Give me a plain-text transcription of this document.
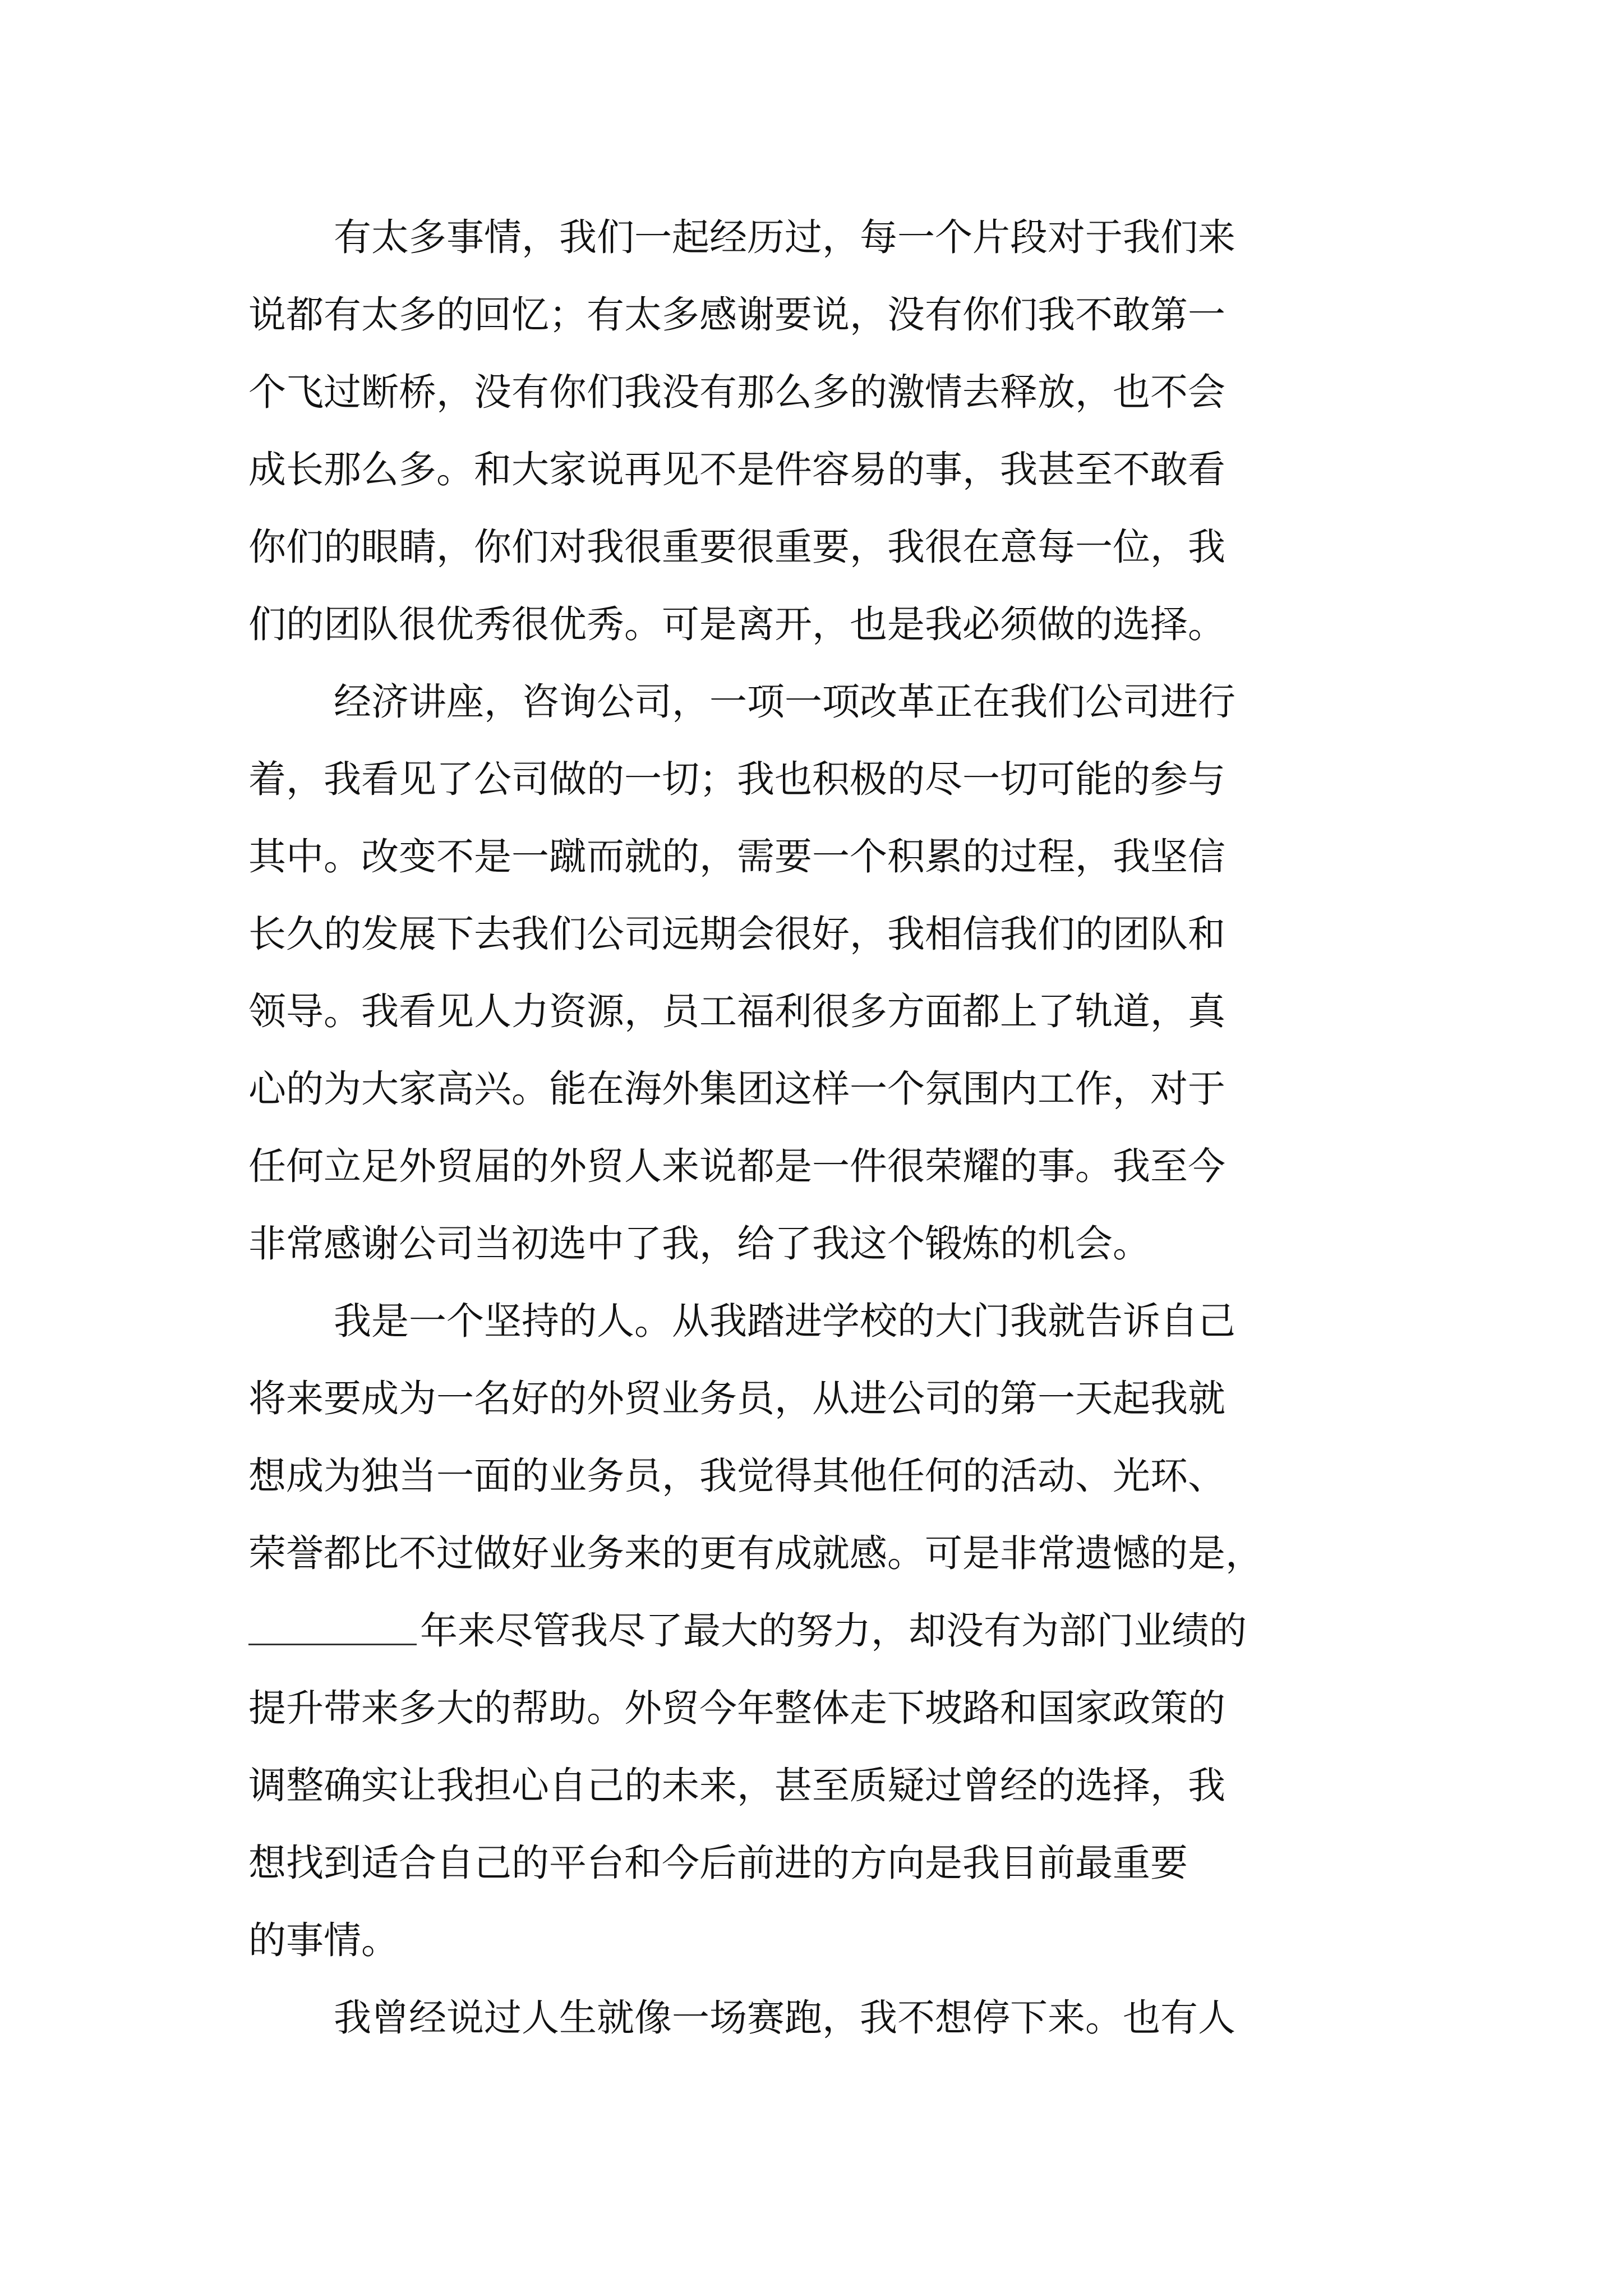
有太多事情，我们一起经历过，每一个片段对于我们来
说都有太多的回忆；有太多感谢要说，没有你们我不敢第一
个飞过断桥，没有你们我没有那么多的激情去释放，也不会
成长那么多。和大家说再见不是件容易的事，我甚至不敢看
你们的眼睛，你们对我很重要很重要，我很在意每一位，我
们的团队很优秀很优秀。可是离开，也是我必须做的选择。
经济讲座，咨询公司，一项一项改革正在我们公司进行
着，我看见了公司做的一切；我也积极的尽一切可能的参与
其中。改变不是一蹴而就的，需要一个积累的过程，我坚信
长久的发展下去我们公司远期会很好，我相信我们的团队和
领导。我看见人力资源，员工福利很多方面都上了轨道，真
心的为大家高兴。能在海外集团这样一个氛围内工作，对于
任何立足外贸届的外贸人来说都是一件很荣耀的事。我至今
非常感谢公司当初选中了我，给了我这个锻炼的机会。
我是一个坚持的人。从我踏进学校的大门我就告诉自己
将来要成为一名好的外贸业务员，从进公司的第一天起我就
想成为独当一面的业务员，我觉得其他任何的活动、光环、
荣誉都比不过做好业务来的更有成就感。可是非常遗憾的是，
年来尽管我尽了最大的努力，却没有为部门业绩的
提升带来多大的帮助。外贸今年整体走下坡路和国家政策的
调整确实让我担心自己的未来，甚至质疑过曾经的选择，我
想找到适合自己的平台和今后前进的方向是我目前最重要
的事情。
我曾经说过人生就像一场赛跑，我不想停下来。也有人
